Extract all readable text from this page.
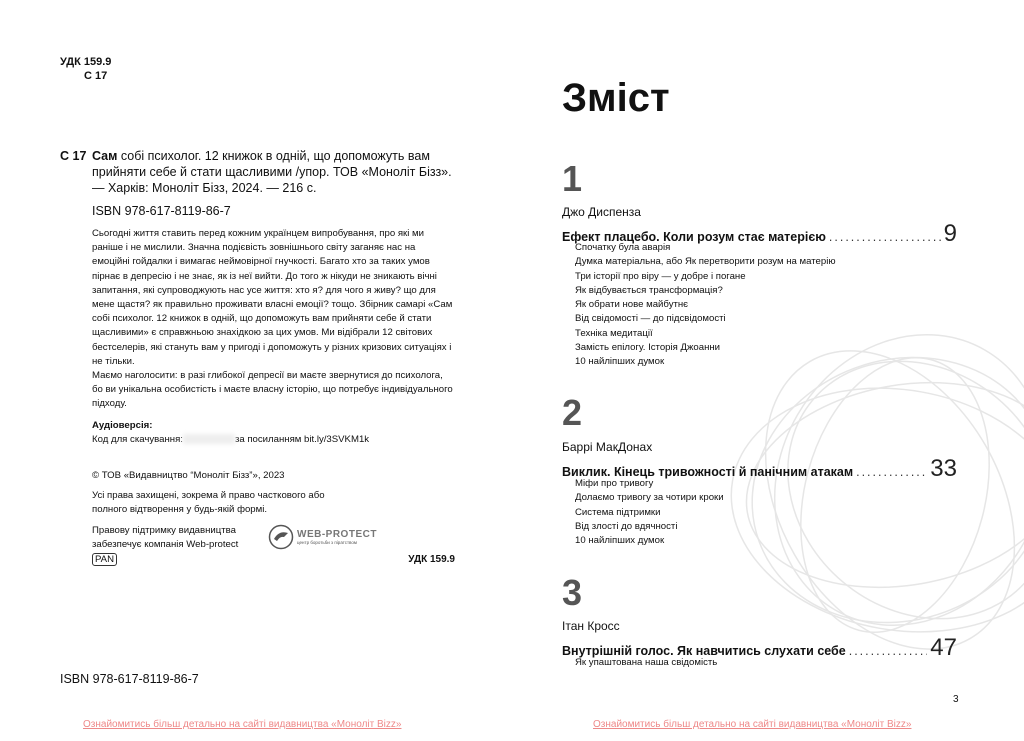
УДК 159.9
С 17
С 17 Сам собі психолог. 12 книжок в одній, що допоможуть вам прийняти себе й стати щасливими /упор. ТОВ «Моноліт Бізз». — Харків: Моноліт Бізз, 2024. — 216 с.
ISBN 978-617-8119-86-7
Сьогодні життя ставить перед кожним українцем випробування, про які ми раніше і не мислили. Значна подієвість зовнішнього світу заганяє нас на емоційні гойдалки і вимагає неймовірної гнучкості. Багато хто за таких умов пірнає в депресію і не знає, як із неї вийти. До того ж нікуди не зникають вічні запитання, які супроводжують нас усе життя: хто я? для чого я живу? що для мене щастя? як правильно проживати власні емоції? тощо. Збірник самарі «Сам собі психолог. 12 книжок в одній, що допоможуть вам прийняти себе й стати щасливими» є справжньою знахідкою за цих умов. Ми відібрали 12 світових бестселерів, які стануть вам у пригоді і допоможуть у різних кризових ситуаціях і не тільки.
Маємо наголосити: в разі глибокої депресії ви маєте звернутися до психолога, бо ви унікальна особистість і маєте власну історію, що потребує індивідуального підходу.
Аудіоверсія:
Код для скачування:	за посиланням bit.ly/3SVKM1k
© ТОВ «Видавництво “Моноліт Бізз”», 2023
Усі права захищені, зокрема й право часткового або полного відтворення у будь-якій формі.
Правову підтримку видавництва забезпечує компанія Web-protect
WEB-PROTECT
центр боротьби з піратством
PAN	УДК 159.9
ISBN 978-617-8119-86-7
Ознайомитись більш детально на сайті видавництва «Моноліт Bizz»
Зміст
1
Джо Диспенза
Ефект плацебо. Коли розум стає матерією .....	9
Спочатку була аварія
Думка матеріальна, або Як перетворити розум на матерію
Три історії про віру — у добре і погане
Як відбувається трансформація?
Як обрати нове майбутнє
Від свідомості — до підсвідомості
Техніка медитації
Замість епілогу. Історія Джоанни
10 найліпших думок
2
Баррі МакДонах
Виклик. Кінець тривожності й панічним атакам .....	33
Міфи про тривогу
Долаємо тривогу за чотири кроки
Система підтримки
Від злості до вдячності
10 найліпших думок
3
Ітан Кросс
Внутрішній голос. Як навчитись слухати себе .....	47
Як упаштована наша свідомість
3
Ознайомитись більш детально на сайті видавництва «Моноліт Bizz»
